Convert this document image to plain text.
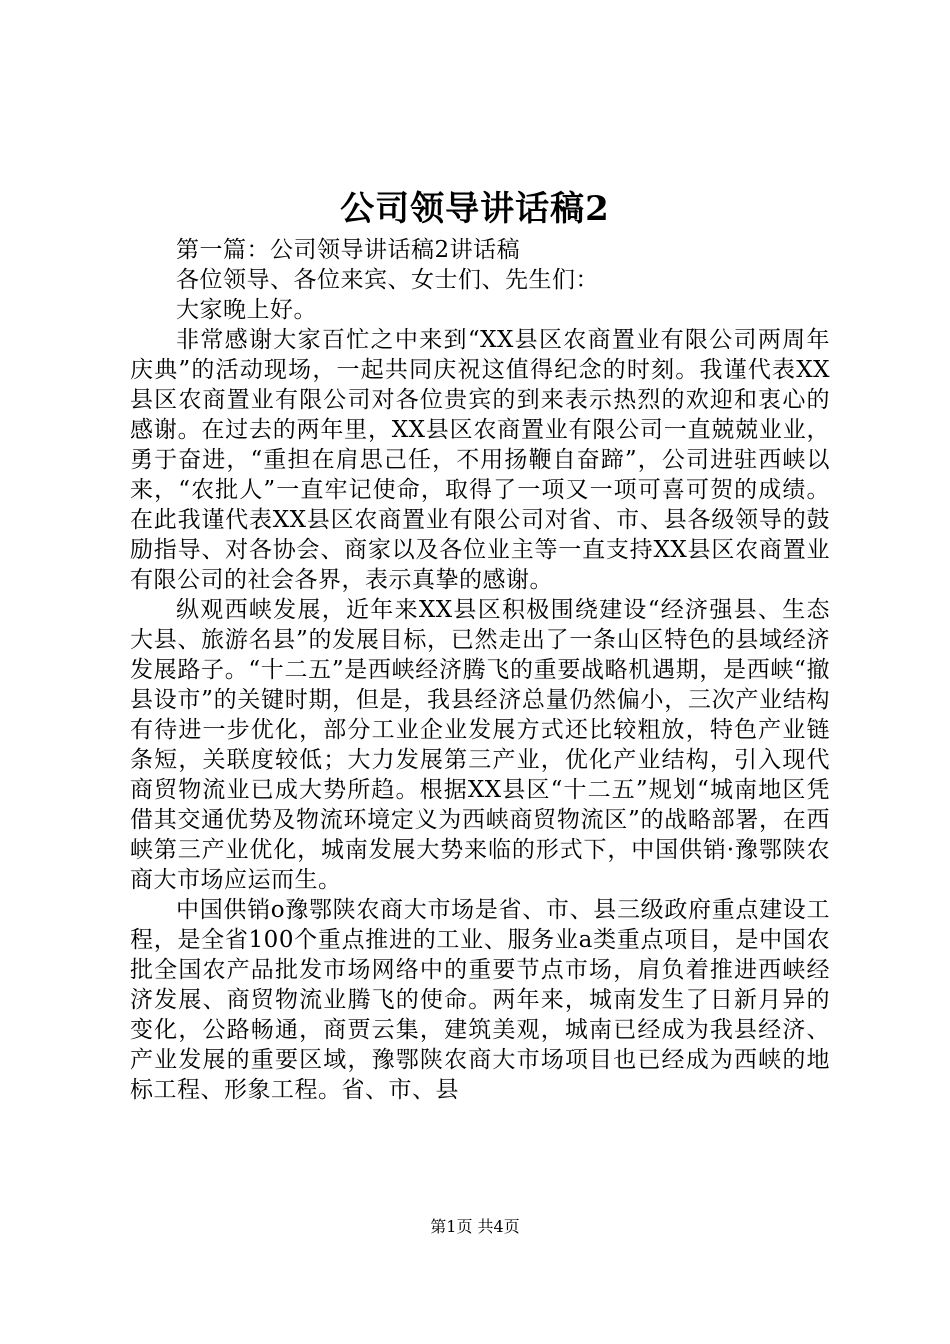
公司领导讲话稿2

第一篇：公司领导讲话稿2讲话稿

各位领导、各位来宾、女士们、先生们：

大家晚上好。

非常感谢大家百忙之中来到“XX县区农商置业有限公司两周年庆典”的活动现场，一起共同庆祝这值得纪念的时刻。我谨代表XX县区农商置业有限公司对各位贵宾的到来表示热烈的欢迎和衷心的感谢。在过去的两年里，XX县区农商置业有限公司一直兢兢业业，勇于奋进，“重担在肩思己任，不用扬鞭自奋蹄”，公司进驻西峡以来，“农批人”一直牢记使命，取得了一项又一项可喜可贺的成绩。在此我谨代表XX县区农商置业有限公司对省、市、县各级领导的鼓励指导、对各协会、商家以及各位业主等一直支持XX县区农商置业有限公司的社会各界，表示真挚的感谢。

纵观西峡发展，近年来XX县区积极围绕建设“经济强县、生态大县、旅游名县”的发展目标，已然走出了一条山区特色的县域经济发展路子。“十二五”是西峡经济腾飞的重要战略机遇期，是西峡“撤县设市”的关键时期，但是，我县经济总量仍然偏小，三次产业结构有待进一步优化，部分工业企业发展方式还比较粗放，特色产业链条短，关联度较低；大力发展第三产业，优化产业结构，引入现代商贸物流业已成大势所趋。根据XX县区“十二五”规划“城南地区凭借其交通优势及物流环境定义为西峡商贸物流区”的战略部署，在西峡第三产业优化，城南发展大势来临的形式下，中国供销·豫鄂陕农商大市场应运而生。

中国供销o豫鄂陕农商大市场是省、市、县三级政府重点建设工程，是全省100个重点推进的工业、服务业a类重点项目，是中国农批全国农产品批发市场网络中的重要节点市场，肩负着推进西峡经济发展、商贸物流业腾飞的使命。两年来，城南发生了日新月异的变化，公路畅通，商贾云集，建筑美观，城南已经成为我县经济、产业发展的重要区域，豫鄂陕农商大市场项目也已经成为西峡的地标工程、形象工程。省、市、县

第1页 共4页
